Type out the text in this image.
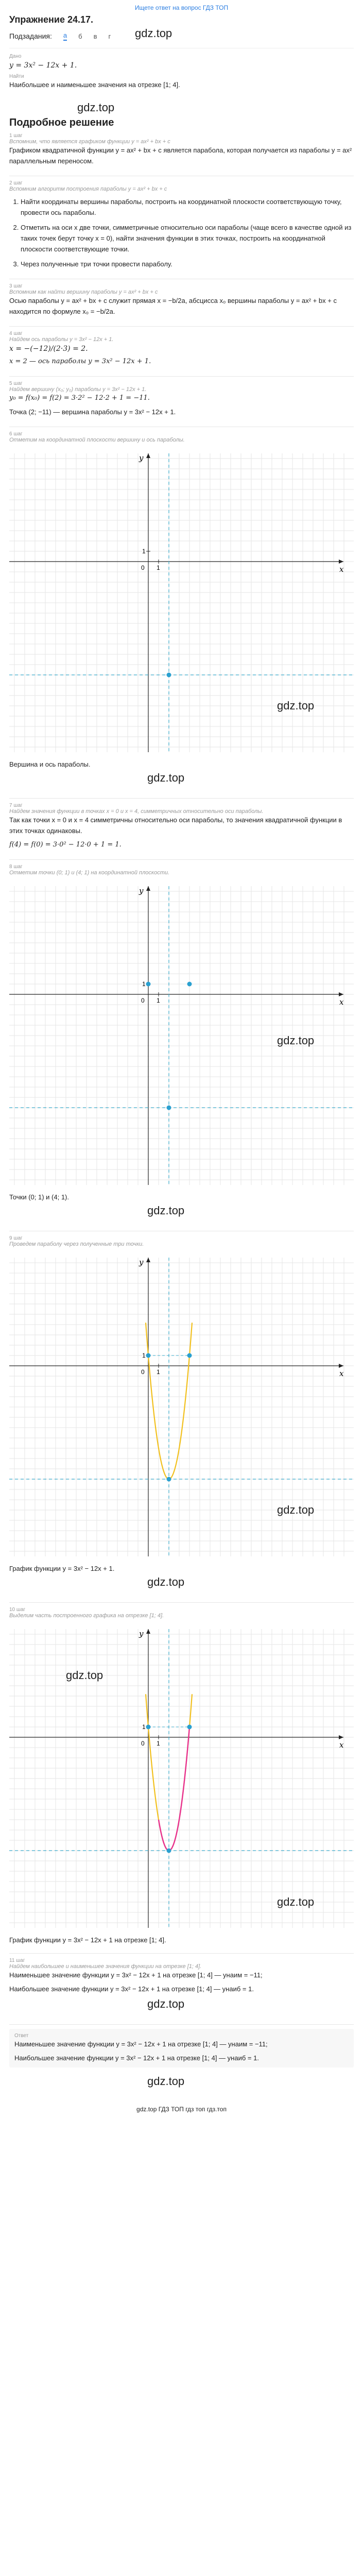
Ищете ответ на вопрос ГДЗ ТОП
Упражнение 24.17.
Подзадания: а б в г gdz.top
Дано
y = 3x² − 12x + 1.
Найти

Наибольшее и наименьшее значения на отрезке [1; 4].

gdz.top
Подробное решение
1 шаг
Вспомним, что является графиком функции y = ax² + bx + c

Графиком квадратичной функции y = ax² + bx + c является парабола, которая получается из параболы y = ax² параллельным переносом.

2 шаг
Вспомним алгоритм построения параболы y = ax² + bx + c
1. Найти координаты вершины параболы, построить на координатной плоскости соответствующую точку, провести ось параболы.
2. Отметить на оси x две точки, симметричные относительно оси параболы (чаще всего в качестве одной из таких точек берут точку x = 0), найти значения функции в этих точках, построить на координатной плоскости соответствующие точки.
3. Через полученные три точки провести параболу.
3 шаг
Вспомним как найти вершину параболы y = ax² + bx + c

Осью параболы y = ax² + bx + c служит прямая x = −b/2a, абсцисса x₀ вершины параболы y = ax² + bx + c находится по формуле x₀ = −b/2a.

4 шаг
Найдем ось параболы y = 3x² − 12x + 1.
x = −(−12)/(2·3) = 2.

x = 2 — ось параболы y = 3x² − 12x + 1.

5 шаг
Найдем вершину (x₀; y₀) параболы y = 3x² − 12x + 1.

y₀ = f(x₀) = f(2) = 3·2² − 12·2 + 1 = −11.

Точка (2; −11) — вершина параболы y = 3x² − 12x + 1.

6 шаг
Отметим на координатной плоскости вершину и ось параболы.
x
y
0 1
1
gdz.top
Вершина и ось параболы.
gdz.top
7 шаг
Найдем значения функции в точках x = 0 и x = 4, симметричных относительно оси параболы.

Так как точки x = 0 и x = 4 симметричны относительно оси параболы, то значения квадратичной функции в этих точках одинаковы.

f(4) = f(0) = 3·0² − 12·0 + 1 = 1.

8 шаг
Отметим точки (0; 1) и (4; 1) на координатной плоскости.
x
y
0 1
1
gdz.top
Точки (0; 1) и (4; 1).
gdz.top
9 шаг
Проведем параболу через полученные три точки.
x
y
0 1
1
gdz.top
График функции y = 3x² − 12x + 1.
gdz.top
10 шаг
Выделим часть построенного графика на отрезке [1; 4].
x
y
0 1
1
gdz.top
gdz.top
График функции y = 3x² − 12x + 1 на отрезке [1; 4].
11 шаг
Найдем наибольшее и наименьшее значения функции на отрезке [1; 4].

Наименьшее значение функции y = 3x² − 12x + 1 на отрезке [1; 4] — yнаим = −11;

Наибольшее значение функции y = 3x² − 12x + 1 на отрезке [1; 4] — yнаиб = 1.

gdz.top
Ответ

Наименьшее значение функции y = 3x² − 12x + 1 на отрезке [1; 4] — yнаим = −11;

Наибольшее значение функции y = 3x² − 12x + 1 на отрезке [1; 4] — yнаиб = 1.

gdz.top
gdz.top ГДЗ ТОП гдз топ гдз.топ
